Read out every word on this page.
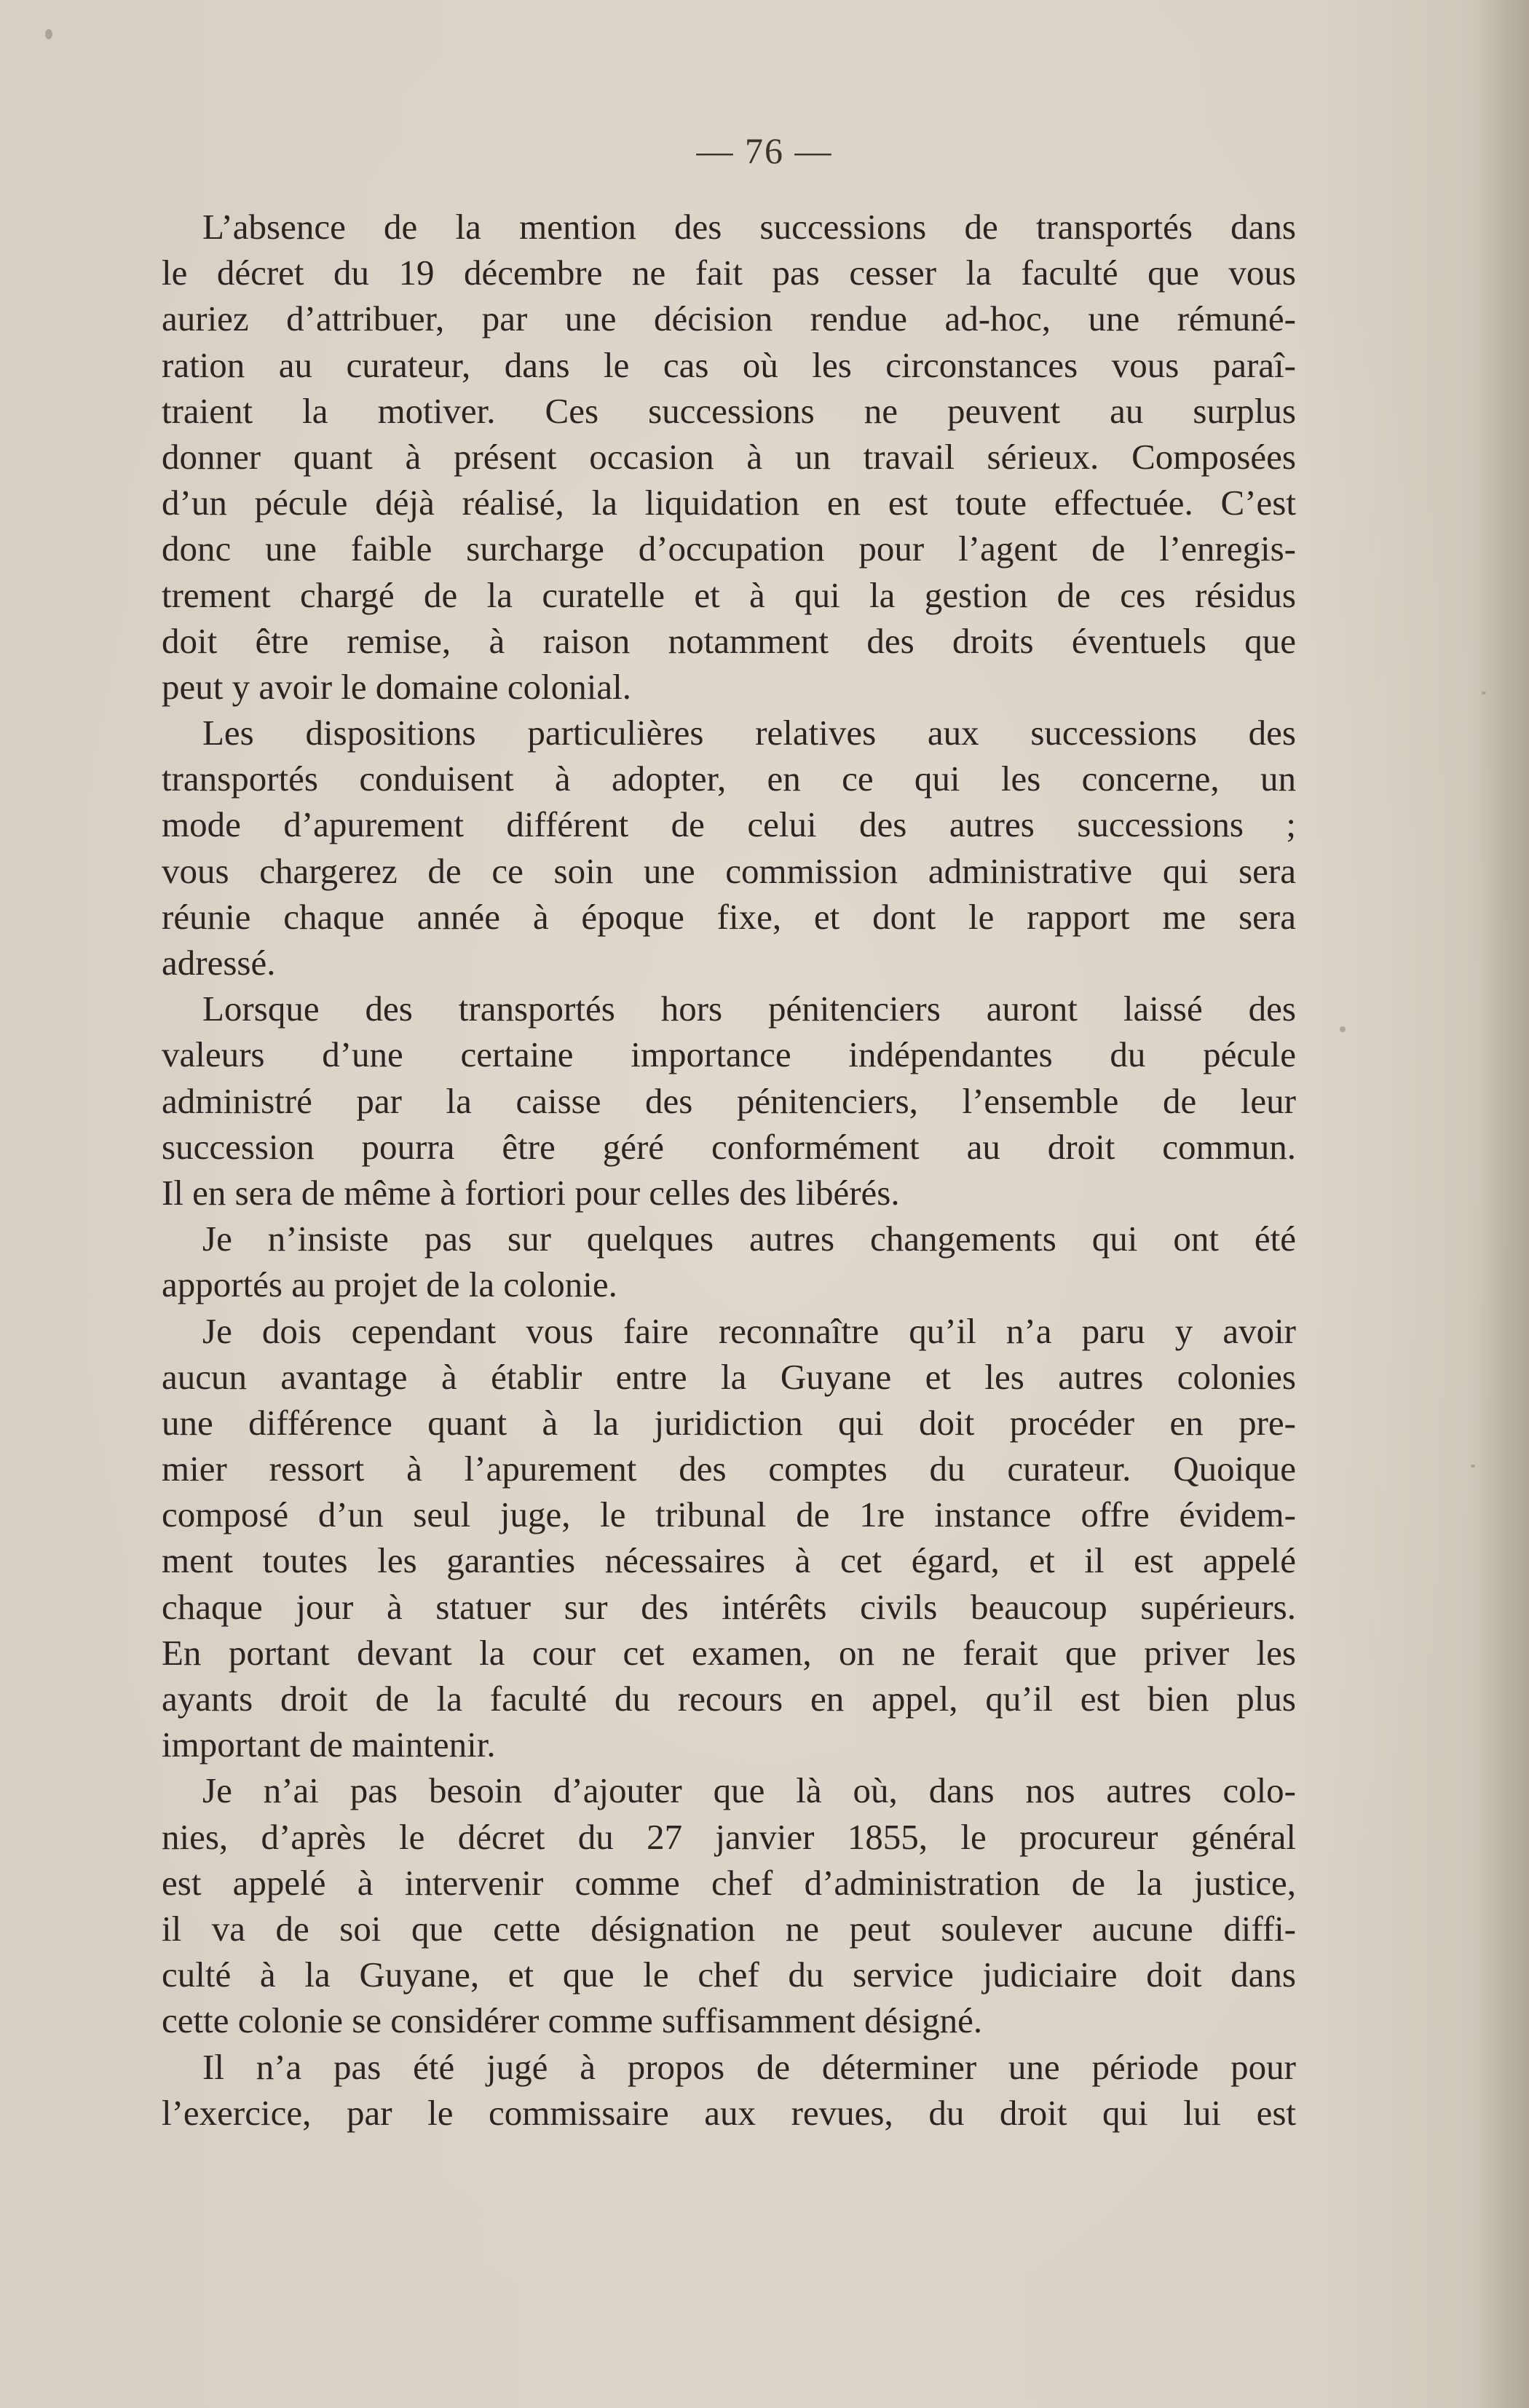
— 76 —
L’absence de la mention des successions de transportés dans
le décret du 19 décembre ne fait pas cesser la faculté que vous
auriez d’attribuer, par une décision rendue ad-hoc, une rémuné-
ration au curateur, dans le cas où les circonstances vous paraî-
traient la motiver. Ces successions ne peuvent au surplus
donner quant à présent occasion à un travail sérieux. Composées
d’un pécule déjà réalisé, la liquidation en est toute effectuée. C’est
donc une faible surcharge d’occupation pour l’agent de l’enregis-
trement chargé de la curatelle et à qui la gestion de ces résidus
doit être remise, à raison notamment des droits éventuels que
peut y avoir le domaine colonial.
Les dispositions particulières relatives aux successions des
transportés conduisent à adopter, en ce qui les concerne, un
mode d’apurement différent de celui des autres successions ;
vous chargerez de ce soin une commission administrative qui sera
réunie chaque année à époque fixe, et dont le rapport me sera
adressé.
Lorsque des transportés hors pénitenciers auront laissé des
valeurs d’une certaine importance indépendantes du pécule
administré par la caisse des pénitenciers, l’ensemble de leur
succession pourra être géré conformément au droit commun.
Il en sera de même à fortiori pour celles des libérés.
Je n’insiste pas sur quelques autres changements qui ont été
apportés au projet de la colonie.
Je dois cependant vous faire reconnaître qu’il n’a paru y avoir
aucun avantage à établir entre la Guyane et les autres colonies
une différence quant à la juridiction qui doit procéder en pre-
mier ressort à l’apurement des comptes du curateur. Quoique
composé d’un seul juge, le tribunal de 1re instance offre évidem-
ment toutes les garanties nécessaires à cet égard, et il est appelé
chaque jour à statuer sur des intérêts civils beaucoup supérieurs.
En portant devant la cour cet examen, on ne ferait que priver les
ayants droit de la faculté du recours en appel, qu’il est bien plus
important de maintenir.
Je n’ai pas besoin d’ajouter que là où, dans nos autres colo-
nies, d’après le décret du 27 janvier 1855, le procureur général
est appelé à intervenir comme chef d’administration de la justice,
il va de soi que cette désignation ne peut soulever aucune diffi-
culté à la Guyane, et que le chef du service judiciaire doit dans
cette colonie se considérer comme suffisamment désigné.
Il n’a pas été jugé à propos de déterminer une période pour
l’exercice, par le commissaire aux revues, du droit qui lui est
